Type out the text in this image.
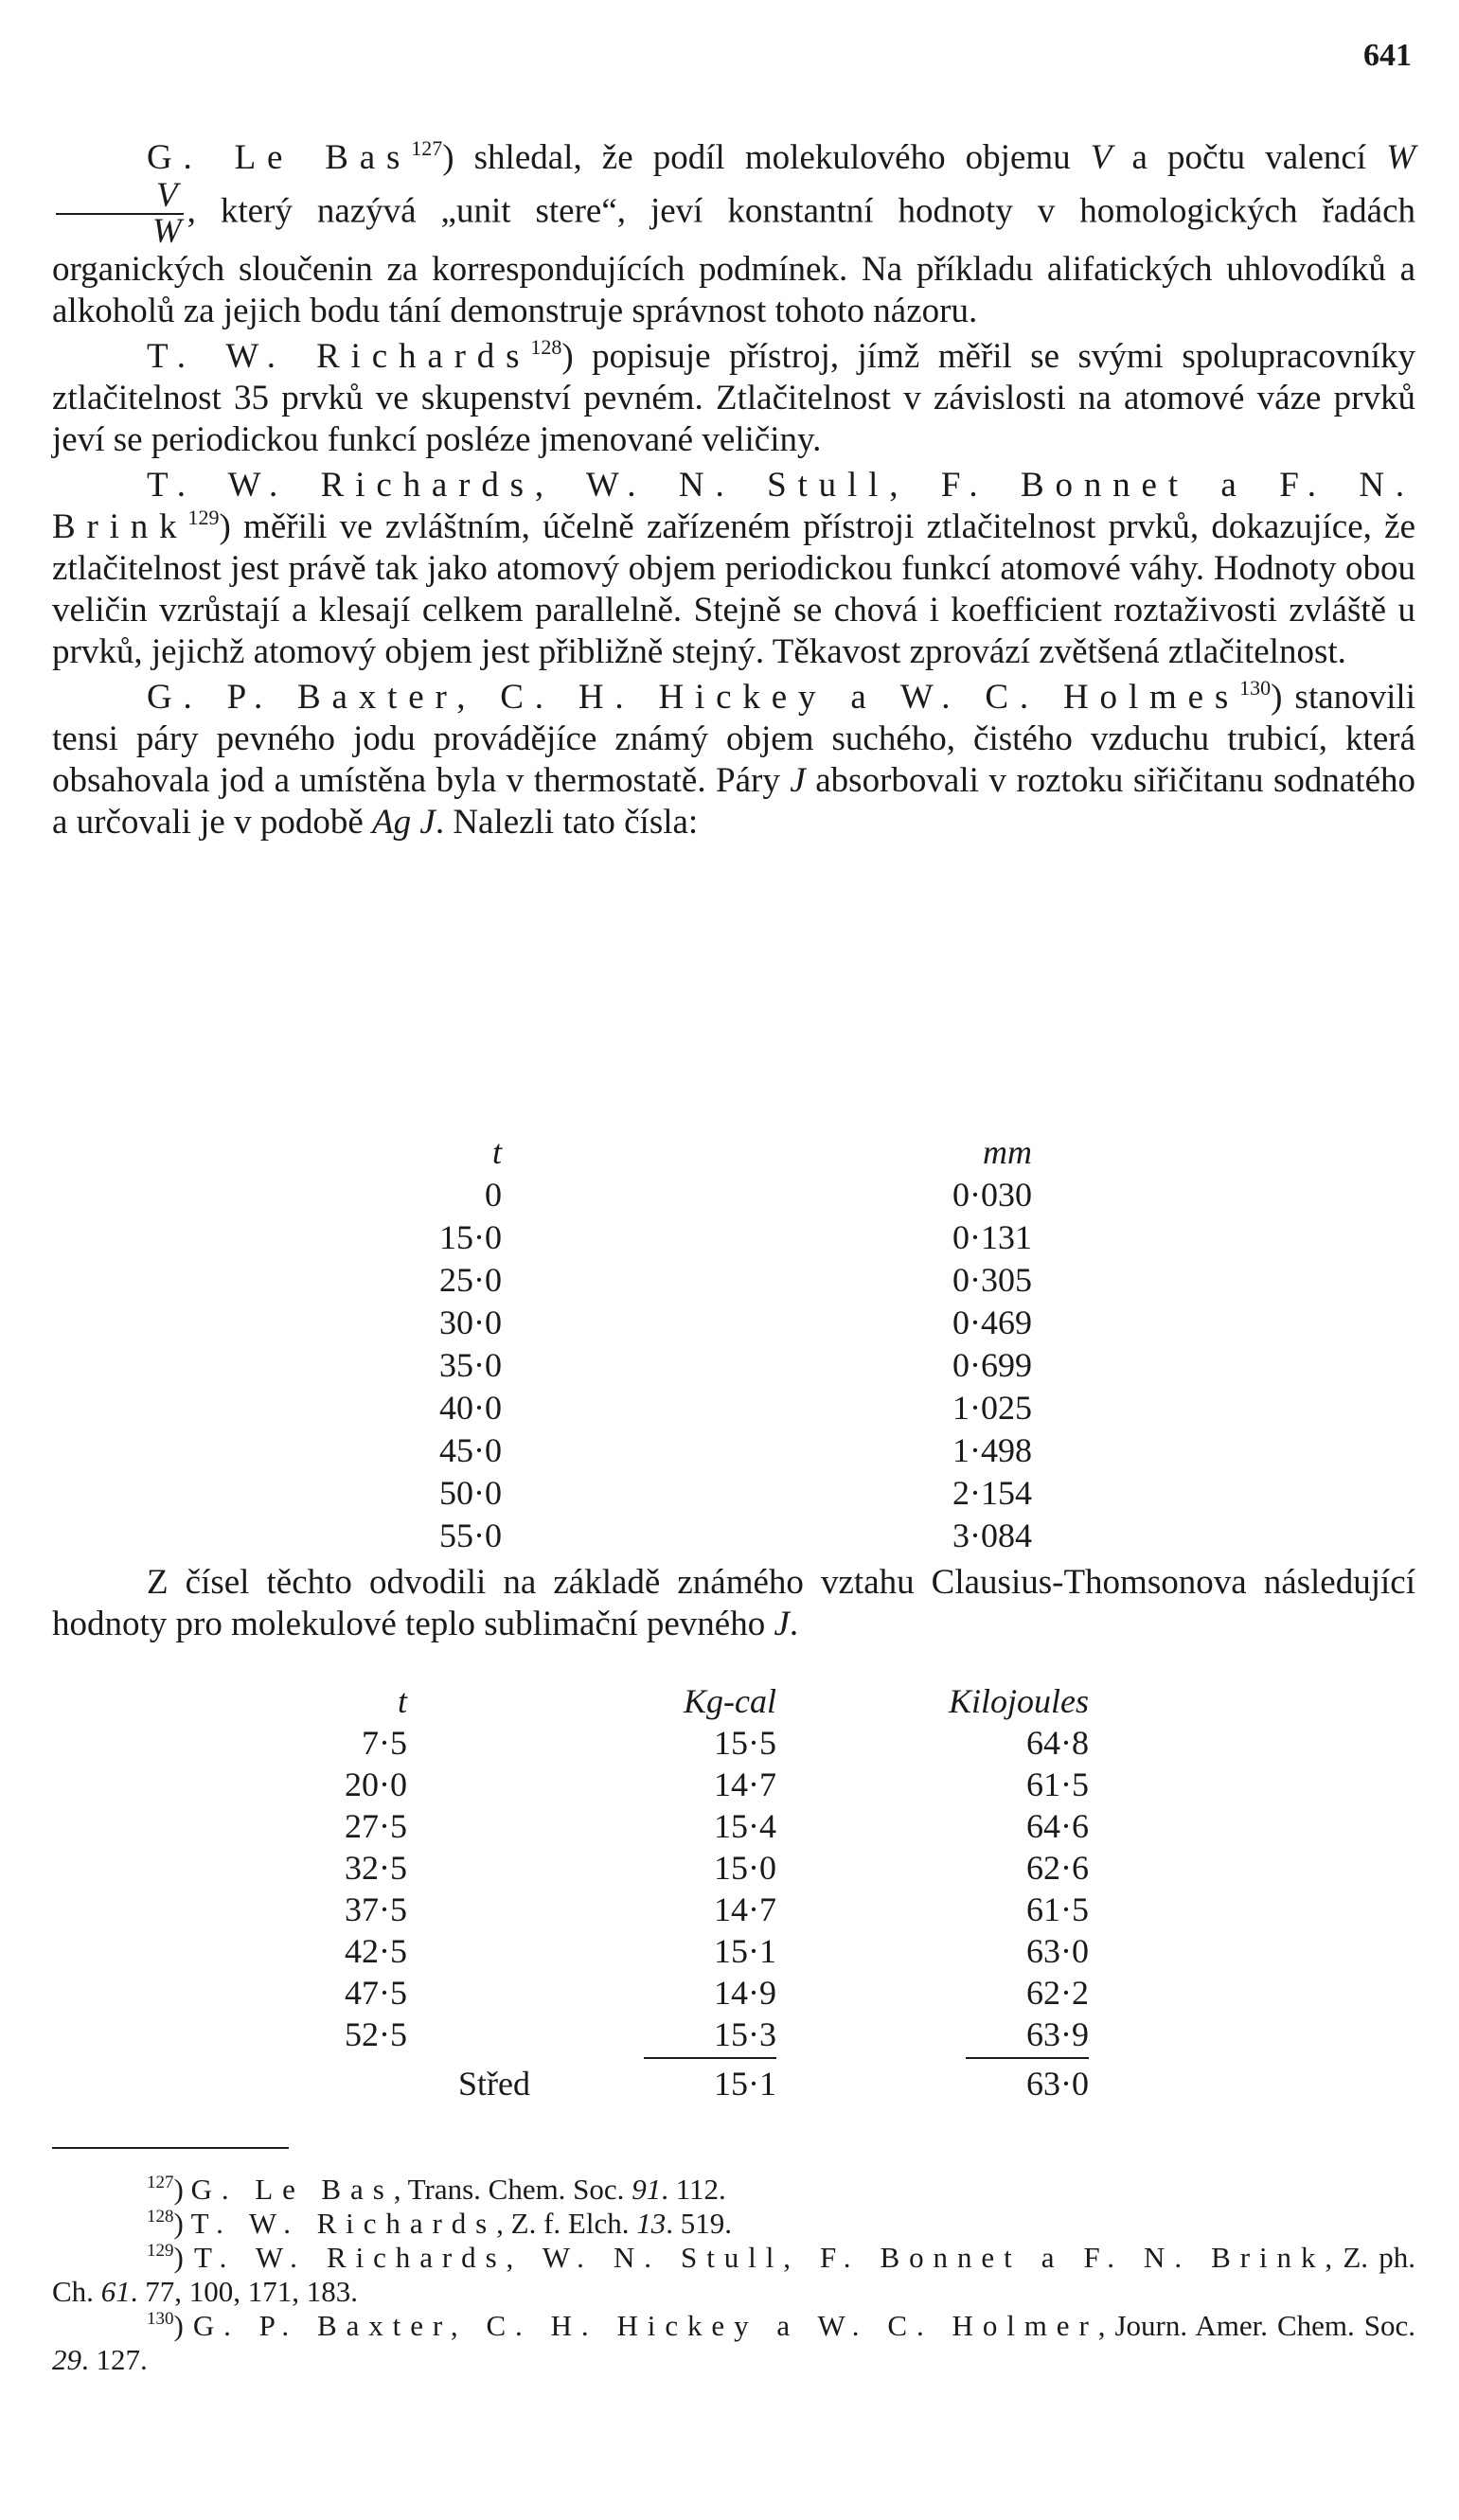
641

G. Le Bas$^{127}$) shledal, že podíl molekulového objemu V a počtu valencí W
$\frac{V}{W}$ , který nazývá „unit stere“, jeví konstantní hodnoty v homologických řadách organických sloučenin za korrespondujících podmínek. Na příkladu alifatických uhlovodíků a alkoholů za jejich bodu tání demonstruje správnost tohoto názoru.

T. W. Richards$^{128}$) popisuje přístroj, jímž měřil se svými spolupracovníky ztlačitelnost 35 prvků ve skupenství pevném. Ztlačitelnost v závislosti na atomové váze prvků jeví se periodickou funkcí posléze jmenované veličiny.

T. W. Richards, W. N. Stull, F. Bonnet a F. N. Brink$^{129}$) měřili ve zvláštním, účelně zařízeném přístroji ztlačitelnost prvků, dokazujíce, že ztlačitelnost jest právě tak jako atomový objem periodickou funkcí atomové váhy. Hodnoty obou veličin vzrůstají a klesají celkem parallelně. Stejně se chová i koefficient roztaživosti zvláště u prvků, jejichž atomový objem jest přibližně stejný. Těkavost zprovází zvětšená ztlačitelnost.

G. P. Baxter, C. H. Hickey a W. C. Holmes$^{130}$) stanovili tensi páry pevného jodu provádějíce známý objem suchého, čistého vzduchu trubicí, která obsahovala jod a umístěna byla v thermostatě. Páry J absorbovali v roztoku siřičitanu sodnatého a určovali je v podobě Ag J. Nalezli tato čísla:

t	mm
0	0·030
15·0	0·131
25·0	0·305
30·0	0·469
35·0	0·699
40·0	1·025
45·0	1·498
50·0	2·154
55·0	3·084

Z čísel těchto odvodili na základě známého vztahu Clausius-Thomsonova následující hodnoty pro molekulové teplo sublimační pevného J.

t	Kg-cal	Kilojoules
7·5	15·5	64·8
20·0	14·7	61·5
27·5	15·4	64·6
32·5	15·0	62·6
37·5	14·7	61·5
42·5	15·1	63·0
47·5	14·9	62·2
52·5	15·3	63·9
Střed	15·1	63·0

$^{127}$) G. Le Bas, Trans. Chem. Soc. 91. 112.

$^{128}$) T. W. Richards, Z. f. Elch. 13. 519.

$^{129}$) T. W. Richards, W. N. Stull, F. Bonnet a F. N. Brink, Z. ph. Ch. 61. 77, 100, 171, 183.

$^{130}$) G. P. Baxter, C. H. Hickey a W. C. Holmer, Journ. Amer. Chem. Soc. 29. 127.
